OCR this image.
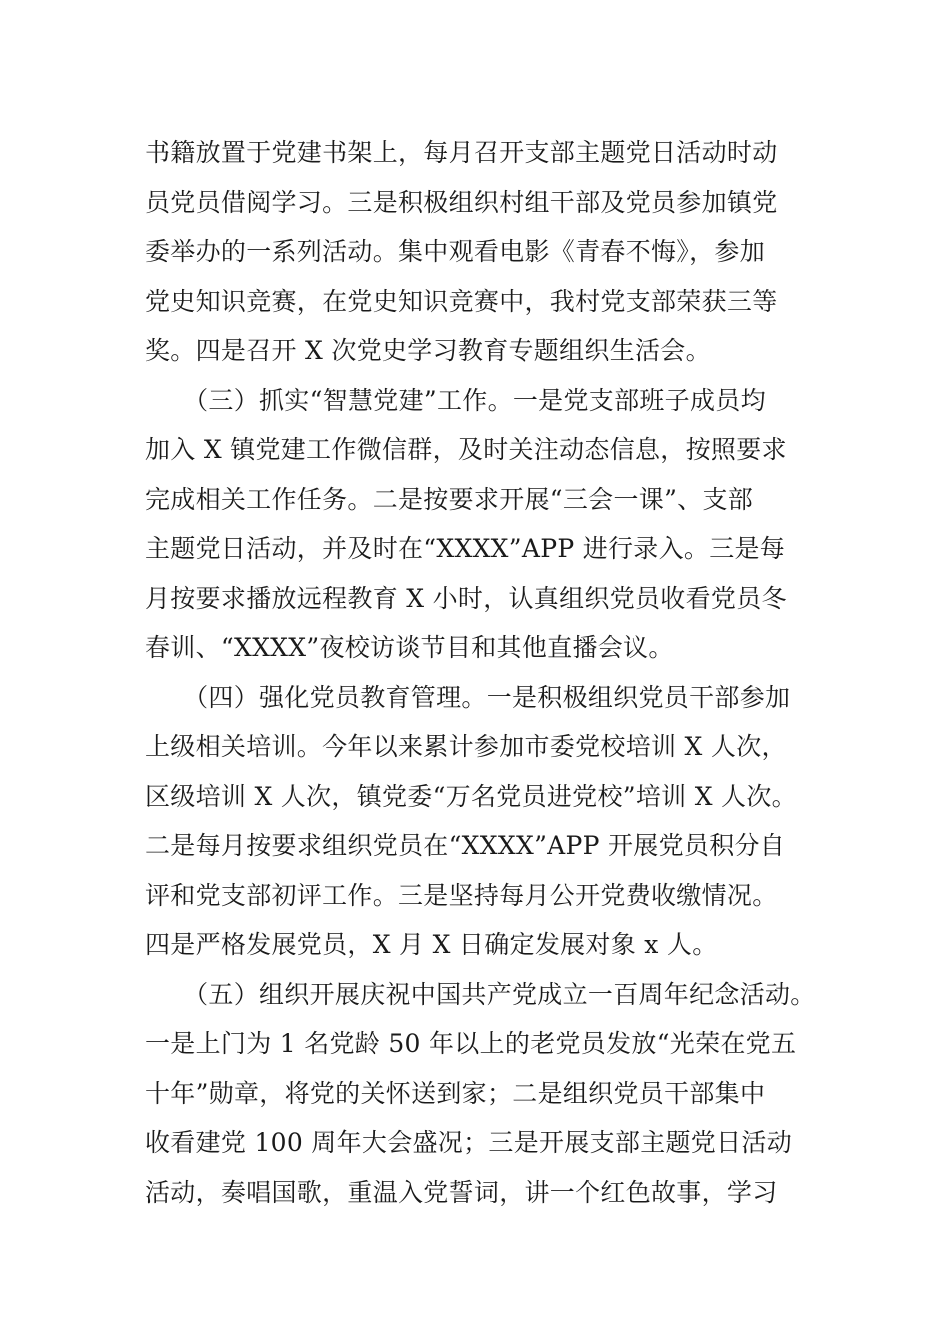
书籍放置于党建书架上，每月召开支部主题党日活动时动
员党员借阅学习。三是积极组织村组干部及党员参加镇党
委举办的一系列活动。集中观看电影《青春不悔》，参加
党史知识竞赛，在党史知识竞赛中，我村党支部荣获三等
奖。四是召开 X 次党史学习教育专题组织生活会。
　　（三）抓实“智慧党建”工作。一是党支部班子成员均
加入 X 镇党建工作微信群，及时关注动态信息，按照要求
完成相关工作任务。二是按要求开展“三会一课”、支部
主题党日活动，并及时在“XXXX”APP 进行录入。三是每
月按要求播放远程教育 X 小时，认真组织党员收看党员冬
春训、“XXXX”夜校访谈节目和其他直播会议。
　　（四）强化党员教育管理。一是积极组织党员干部参加
上级相关培训。今年以来累计参加市委党校培训 X 人次，
区级培训 X 人次，镇党委“万名党员进党校”培训 X 人次。
二是每月按要求组织党员在“XXXX”APP 开展党员积分自
评和党支部初评工作。三是坚持每月公开党费收缴情况。
四是严格发展党员，X 月 X 日确定发展对象 x 人。
　　（五）组织开展庆祝中国共产党成立一百周年纪念活动。
一是上门为 1 名党龄 50 年以上的老党员发放“光荣在党五
十年”勋章，将党的关怀送到家；二是组织党员干部集中
收看建党 100 周年大会盛况；三是开展支部主题党日活动
活动，奏唱国歌，重温入党誓词，讲一个红色故事，学习
